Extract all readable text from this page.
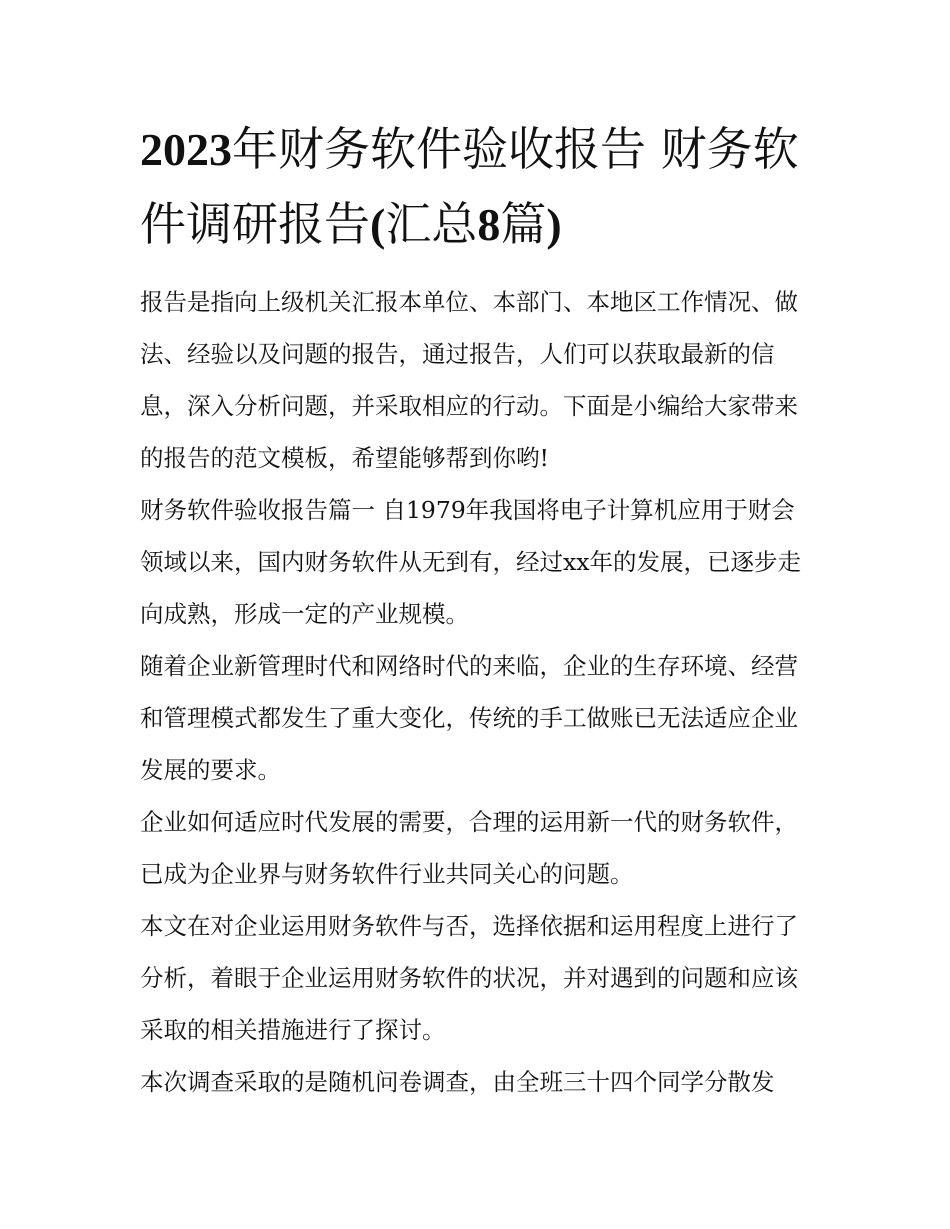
2023年财务软件验收报告 财务软件调研报告(汇总8篇)

报告是指向上级机关汇报本单位、本部门、本地区工作情况、做法、经验以及问题的报告，通过报告，人们可以获取最新的信息，深入分析问题，并采取相应的行动。下面是小编给大家带来的报告的范文模板，希望能够帮到你哟!

财务软件验收报告篇一 自1979年我国将电子计算机应用于财会领域以来，国内财务软件从无到有，经过xx年的发展，已逐步走向成熟，形成一定的产业规模。

随着企业新管理时代和网络时代的来临，企业的生存环境、经营和管理模式都发生了重大变化，传统的手工做账已无法适应企业发展的要求。

企业如何适应时代发展的需要，合理的运用新一代的财务软件，已成为企业界与财务软件行业共同关心的问题。

本文在对企业运用财务软件与否，选择依据和运用程度上进行了分析，着眼于企业运用财务软件的状况，并对遇到的问题和应该采取的相关措施进行了探讨。

本次调查采取的是随机问卷调查，由全班三十四个同学分散发
